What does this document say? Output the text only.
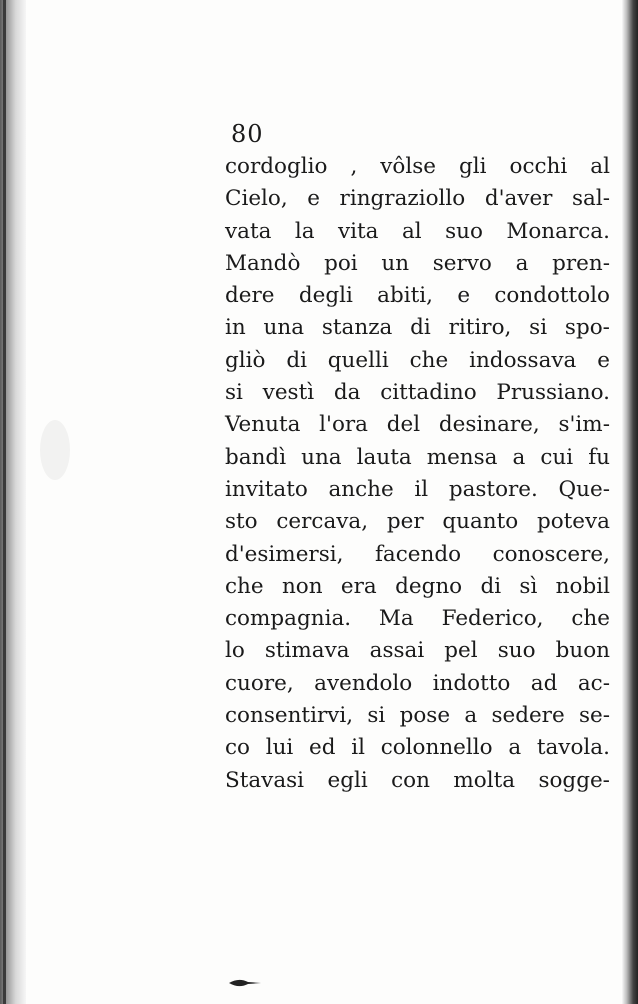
80
cordoglio , vôlse gli occhi al
Cielo, e ringraziollo d'aver sal-
vata la vita al suo Monarca.
Mandò poi un servo a pren-
dere degli abiti, e condottolo
in una stanza di ritiro, si spo-
gliò di quelli che indossava e
si vestì da cittadino Prussiano.
Venuta l'ora del desinare, s'im-
bandì una lauta mensa a cui fu
invitato anche il pastore. Que-
sto cercava, per quanto poteva
d'esimersi, facendo conoscere,
che non era degno di sì nobil
compagnia. Ma Federico, che
lo stimava assai pel suo buon
cuore, avendolo indotto ad ac-
consentirvi, si pose a sedere se-
co lui ed il colonnello a tavola.
Stavasi egli con molta sogge-
